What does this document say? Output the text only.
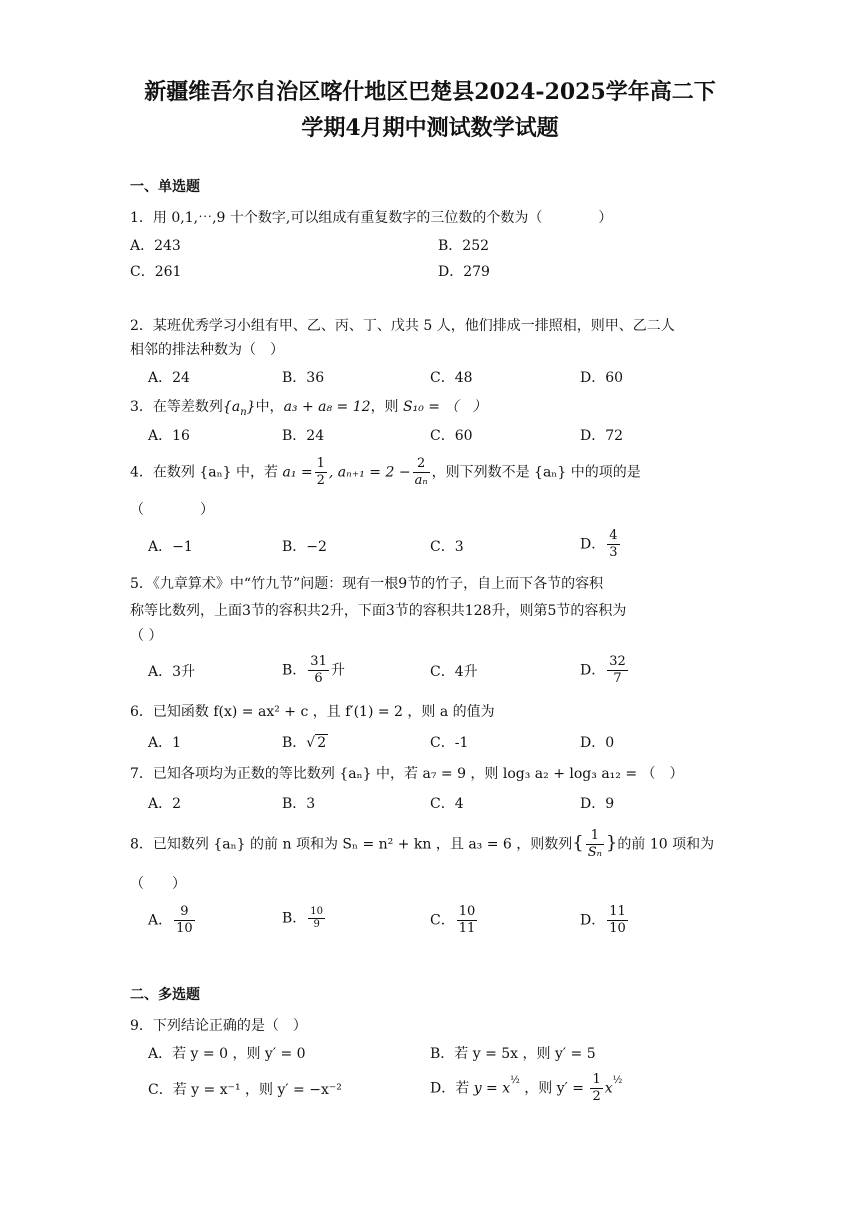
新疆维吾尔自治区喀什地区巴楚县2024-2025学年高二下
学期4月期中测试数学试题
一、单选题
1．用 0,1,⋯,9 十个数字,可以组成有重复数字的三位数的个数为（　　　　）
A．243	B．252
C．261	D．279
2．某班优秀学习小组有甲、乙、丙、丁、戊共 5 人，他们排成一排照相，则甲、乙二人
相邻的排法种数为（　）
A．24	B．36	C．48	D．60
3．在等差数列$\{a_n\}$中，a₃ + a₈ = 12，则 S₁₀ = （　）
A．16	B．24	C．60	D．72
4．在数列 {aₙ} 中，若 $a_1 = \frac{1}{2}$ , $a_{n+1} = 2 - \frac{2}{\text{aₙ}}$ ，则下列数不是 {aₙ} 中的项的是
（　　　　）
A．−1	B．−2	C．3	D． $\frac{4}{3}$
5．《九章算术》中“竹九节”问题：现有一根9节的竹子，自上而下各节的容积
称等比数列，上面3节的容积共2升，下面3节的容积共128升，则第5节的容积为
（ ）
A．3升	B． $\frac{31}{6}$ 升	C．4升	D． $\frac{32}{7}$
6．已知函数 f(x) = ax² + c ，且 f′(1) = 2 ，则 a 的值为
A．1	B．√ 2	C．-1	D．0
7．已知各项均为正数的等比数列 {aₙ} 中，若 a₇ = 9 ，则 log₃ a₂ + log₃ a₁₂ = （　）
A．2	B．3	C．4	D．9
8．已知数列 {aₙ} 的前 n 项和为 Sₙ = n² + kn ，且 a₃ = 6 ，则数列{ $\frac{1}{\text{Sₙ}}$ }的前 10 项和为
（　　）
A． $\frac{9}{10}$	B． $\frac{10}{9}$	C． $\frac{10}{11}$	D． $\frac{11}{10}$
二、多选题
9．下列结论正确的是（　）
A．若 y = 0 ，则 y′ = 0	B．若 y = 5x ，则 y′ = 5
C．若 y = x⁻¹ ，则 y′ = −x⁻²	D．若 $y = x^{\frac{1}{2}}$ ，则 $y' = \frac{1}{2} x^{\frac{1}{2}}$
